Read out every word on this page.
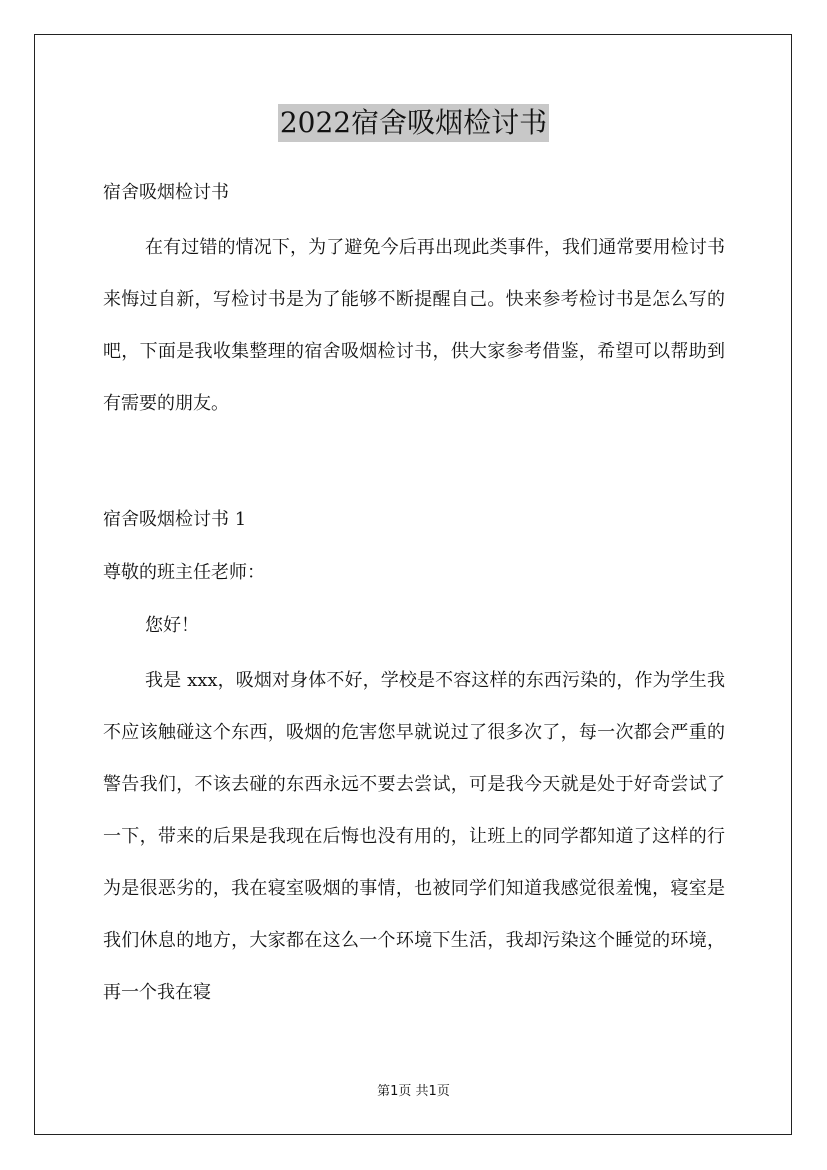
2022宿舍吸烟检讨书

宿舍吸烟检讨书

在有过错的情况下，为了避免今后再出现此类事件，我们通常要用检讨书来悔过自新，写检讨书是为了能够不断提醒自己。快来参考检讨书是怎么写的吧，下面是我收集整理的宿舍吸烟检讨书，供大家参考借鉴，希望可以帮助到有需要的朋友。

宿舍吸烟检讨书 1

尊敬的班主任老师：

您好！

我是 xxx，吸烟对身体不好，学校是不容这样的东西污染的，作为学生我不应该触碰这个东西，吸烟的危害您早就说过了很多次了，每一次都会严重的警告我们，不该去碰的东西永远不要去尝试，可是我今天就是处于好奇尝试了一下，带来的后果是我现在后悔也没有用的，让班上的同学都知道了这样的行为是很恶劣的，我在寝室吸烟的事情，也被同学们知道我感觉很羞愧，寝室是我们休息的地方，大家都在这么一个环境下生活，我却污染这个睡觉的环境，再一个我在寝

第1页 共1页
